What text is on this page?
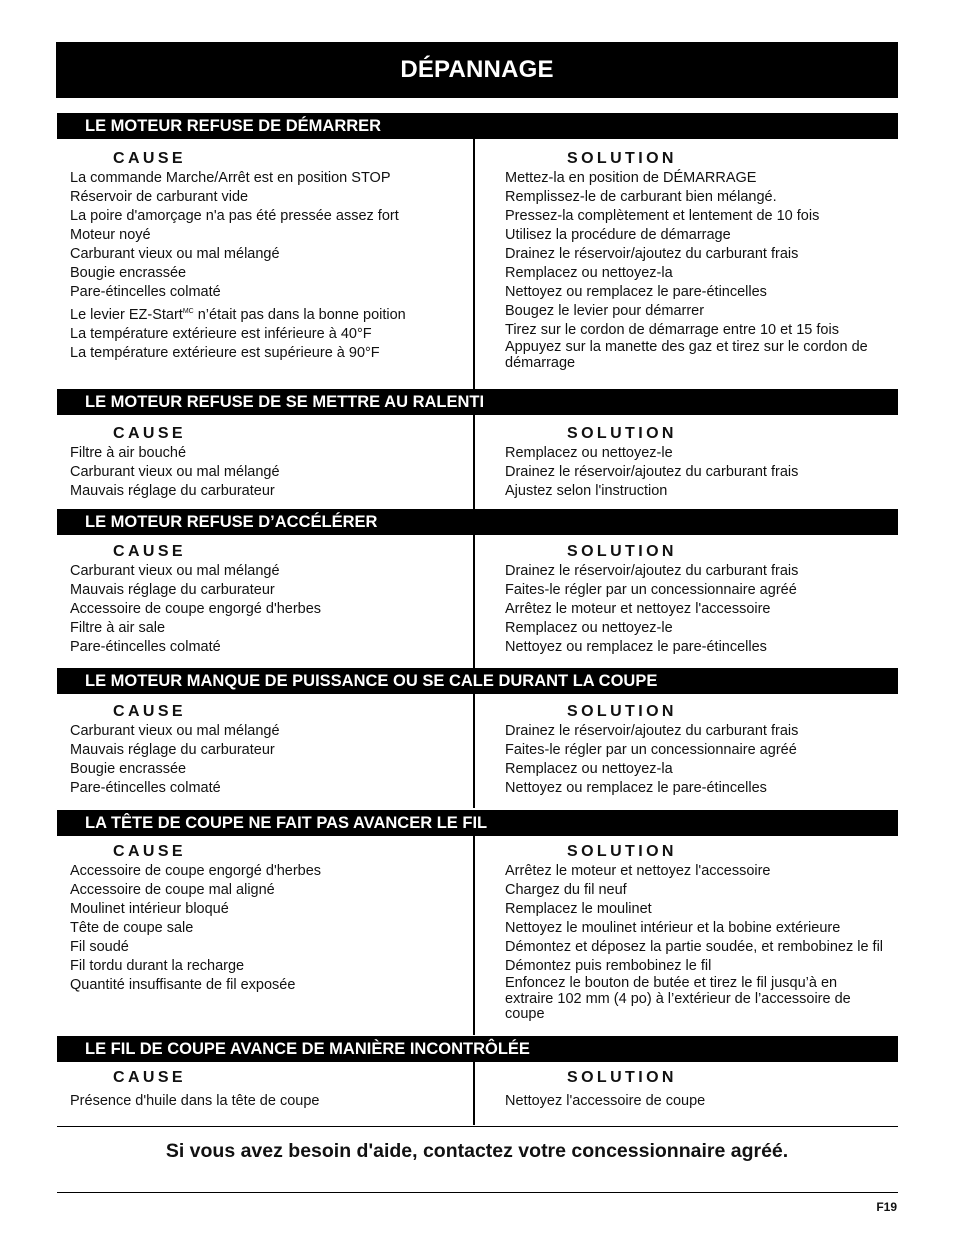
DÉPANNAGE
LE MOTEUR REFUSE DE DÉMARRER
CAUSE
La commande Marche/Arrêt est en position STOP
Réservoir de carburant vide
La poire d'amorçage n'a pas été pressée assez fort
Moteur noyé
Carburant vieux ou mal mélangé
Bougie encrassée
Pare-étincelles colmaté
Le levier EZ-Start$^{MC}$ n’était pas dans la bonne poition
La température extérieure est inférieure à 40°F
La température extérieure est supérieure à 90°F
SOLUTION
Mettez-la en position de DÉMARRAGE
Remplissez-le de carburant bien mélangé.
Pressez-la complètement et lentement de 10 fois
Utilisez la procédure de démarrage
Drainez le réservoir/ajoutez du carburant frais
Remplacez ou nettoyez-la
Nettoyez ou remplacez le pare-étincelles
Bougez le levier pour démarrer
Tirez sur le cordon de démarrage entre 10 et 15 fois
Appuyez sur la manette des gaz et tirez sur le cordon de démarrage
LE MOTEUR REFUSE DE SE METTRE AU RALENTI
CAUSE
Filtre à air bouché
Carburant vieux ou mal mélangé
Mauvais réglage du carburateur
SOLUTION
Remplacez ou nettoyez-le
Drainez le réservoir/ajoutez du carburant frais
Ajustez selon l'instruction
LE MOTEUR REFUSE D’ACCÉLÉRER
CAUSE
Carburant vieux ou mal mélangé
Mauvais réglage du carburateur
Accessoire de coupe engorgé d'herbes
Filtre à air sale
Pare-étincelles colmaté
SOLUTION
Drainez le réservoir/ajoutez du carburant frais
Faites-le régler par un concessionnaire agréé
Arrêtez le moteur et nettoyez l'accessoire
Remplacez ou nettoyez-le
Nettoyez ou remplacez le pare-étincelles
LE MOTEUR MANQUE DE PUISSANCE OU SE CALE DURANT LA COUPE
CAUSE
Carburant vieux ou mal mélangé
Mauvais réglage du carburateur
Bougie encrassée
Pare-étincelles colmaté
SOLUTION
Drainez le réservoir/ajoutez du carburant frais
Faites-le régler par un concessionnaire agréé
Remplacez ou nettoyez-la
Nettoyez ou remplacez le pare-étincelles
LA TÊTE DE COUPE NE FAIT PAS AVANCER LE FIL
CAUSE
Accessoire de coupe engorgé d'herbes
Accessoire de coupe mal aligné
Moulinet intérieur bloqué
Tête de coupe sale
Fil soudé
Fil tordu durant la recharge
Quantité insuffisante de fil exposée
SOLUTION
Arrêtez le moteur et nettoyez l'accessoire
Chargez du fil neuf
Remplacez le moulinet
Nettoyez le moulinet intérieur et la bobine extérieure
Démontez et déposez la partie soudée, et rembobinez le fil
Démontez puis rembobinez le fil
Enfoncez le bouton de butée et tirez le fil jusqu’à en extraire 102 mm (4 po) à l’extérieur de l’accessoire de coupe
LE FIL DE COUPE AVANCE DE MANIÈRE INCONTRÔLÉE
CAUSE
Présence d'huile dans la tête de coupe
SOLUTION
Nettoyez l'accessoire de coupe
Si vous avez besoin d'aide, contactez votre concessionnaire agréé.
F19
